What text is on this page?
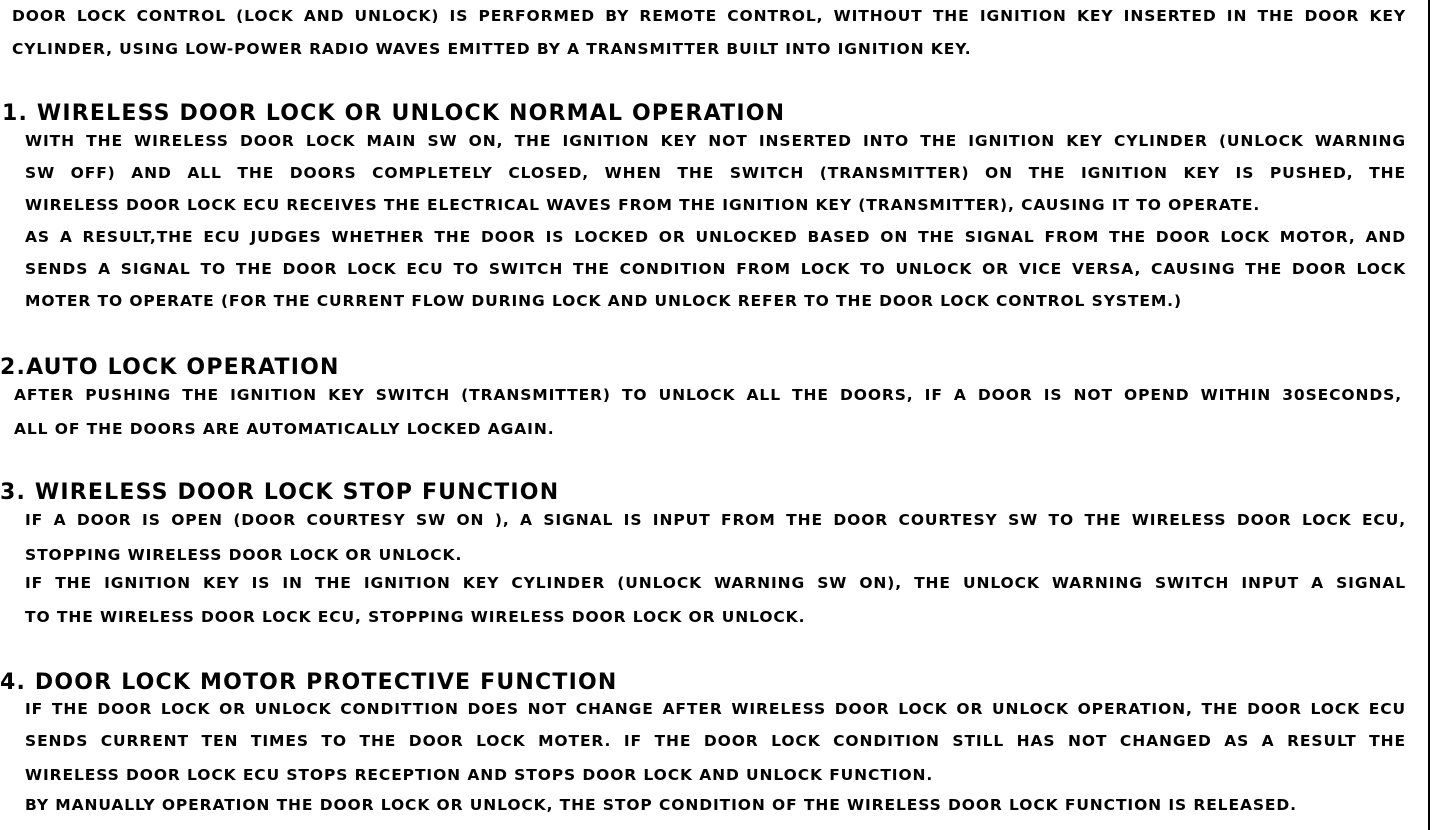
DOOR LOCK CONTROL (LOCK AND UNLOCK) IS PERFORMED BY REMOTE CONTROL, WITHOUT THE IGNITION KEY INSERTED IN THE DOOR KEY
CYLINDER, USING LOW-POWER RADIO WAVES EMITTED BY A TRANSMITTER BUILT INTO IGNITION KEY.
1. WIRELESS DOOR LOCK OR UNLOCK NORMAL OPERATION
WITH THE WIRELESS DOOR LOCK MAIN SW ON, THE IGNITION KEY NOT INSERTED INTO THE IGNITION KEY CYLINDER (UNLOCK WARNING
SW OFF) AND ALL THE DOORS COMPLETELY CLOSED, WHEN THE SWITCH (TRANSMITTER) ON THE IGNITION KEY IS PUSHED, THE
WIRELESS DOOR LOCK ECU RECEIVES THE ELECTRICAL WAVES FROM THE IGNITION KEY (TRANSMITTER), CAUSING IT TO OPERATE.
AS A RESULT,THE ECU JUDGES WHETHER THE DOOR IS LOCKED OR UNLOCKED BASED ON THE SIGNAL FROM THE DOOR LOCK MOTOR, AND
SENDS A SIGNAL TO THE DOOR LOCK ECU TO SWITCH THE CONDITION FROM LOCK TO UNLOCK OR VICE VERSA, CAUSING THE DOOR LOCK
MOTER TO OPERATE (FOR THE CURRENT FLOW DURING LOCK AND UNLOCK REFER TO THE DOOR LOCK CONTROL SYSTEM.)
2.AUTO LOCK OPERATION
AFTER PUSHING THE IGNITION KEY SWITCH (TRANSMITTER) TO UNLOCK ALL THE DOORS, IF A DOOR IS NOT OPEND WITHIN 30SECONDS,
ALL OF THE DOORS ARE AUTOMATICALLY LOCKED AGAIN.
3. WIRELESS DOOR LOCK STOP FUNCTION
IF A DOOR IS OPEN (DOOR COURTESY SW ON ), A SIGNAL IS INPUT FROM THE DOOR COURTESY SW TO THE WIRELESS DOOR LOCK ECU,
STOPPING WIRELESS DOOR LOCK OR UNLOCK.
IF THE IGNITION KEY IS IN THE IGNITION KEY CYLINDER (UNLOCK WARNING SW ON), THE UNLOCK WARNING SWITCH INPUT A SIGNAL
TO THE WIRELESS DOOR LOCK ECU, STOPPING WIRELESS DOOR LOCK OR UNLOCK.
4. DOOR LOCK MOTOR PROTECTIVE FUNCTION
IF THE DOOR LOCK OR UNLOCK CONDITTION DOES NOT CHANGE AFTER WIRELESS DOOR LOCK OR UNLOCK OPERATION, THE DOOR LOCK ECU
SENDS CURRENT TEN TIMES TO THE DOOR LOCK MOTER. IF THE DOOR LOCK CONDITION STILL HAS NOT CHANGED AS A RESULT THE
WIRELESS DOOR LOCK ECU STOPS RECEPTION AND STOPS DOOR LOCK AND UNLOCK FUNCTION.
BY MANUALLY OPERATION THE DOOR LOCK OR UNLOCK, THE STOP CONDITION OF THE WIRELESS DOOR LOCK FUNCTION IS RELEASED.
